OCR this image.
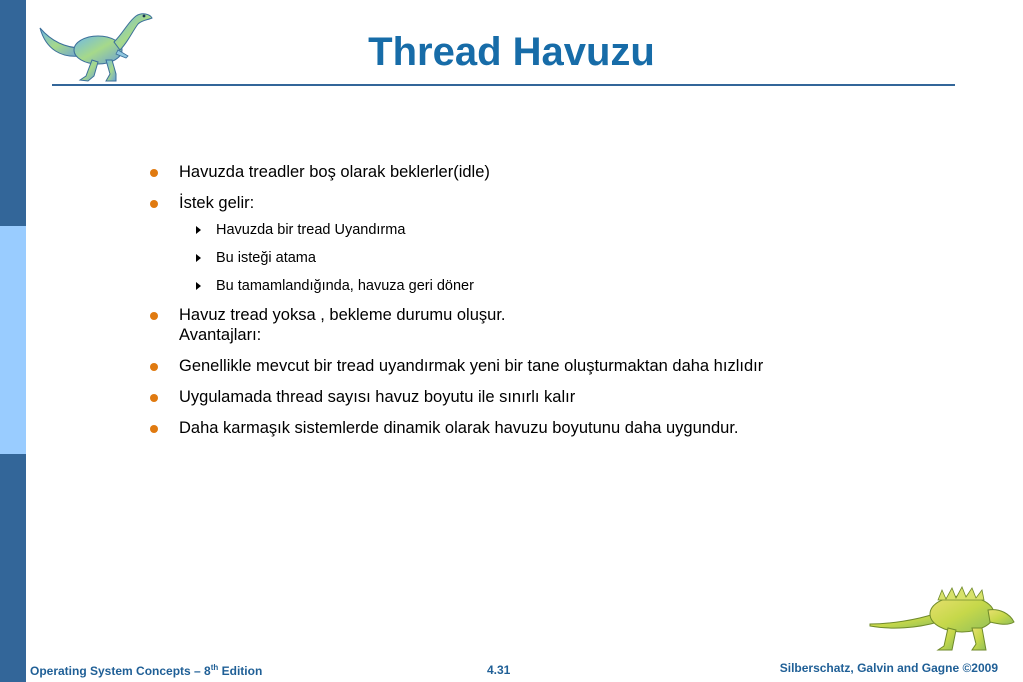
Thread Havuzu
Havuzda treadler boş olarak beklerler(idle)
İstek gelir:
Havuzda bir tread Uyandırma
Bu isteği atama
Bu tamamlandığında, havuza geri döner
Havuz tread yoksa , bekleme durumu oluşur.
Avantajları:
Genellikle mevcut bir tread uyandırmak yeni bir tane oluşturmaktan daha hızlıdır
Uygulamada thread sayısı havuz boyutu ile sınırlı kalır
Daha karmaşık sistemlerde dinamik olarak havuzu boyutunu daha uygundur.
Operating System Concepts – 8th Edition	4.31	Silberschatz, Galvin and Gagne ©2009
